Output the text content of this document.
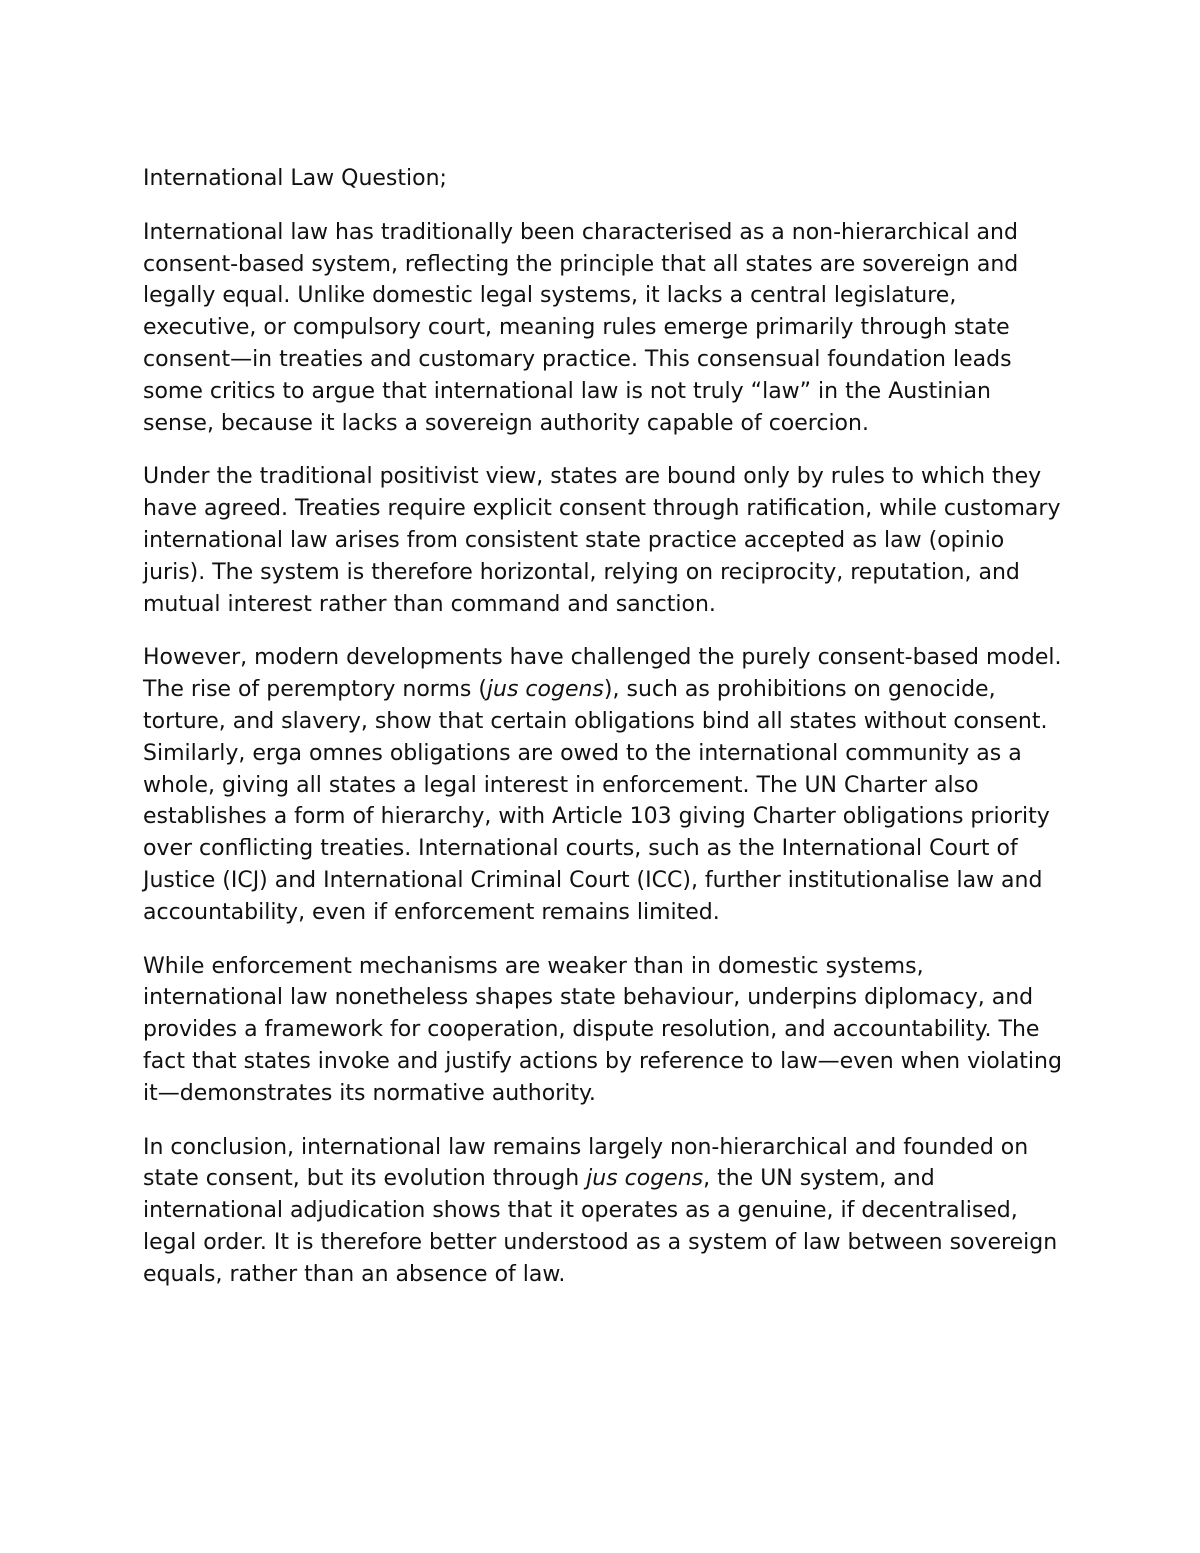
International Law Question;

International law has traditionally been characterised as a non-hierarchical and consent-based system, reflecting the principle that all states are sovereign and legally equal. Unlike domestic legal systems, it lacks a central legislature, executive, or compulsory court, meaning rules emerge primarily through state consent—in treaties and customary practice. This consensual foundation leads some critics to argue that international law is not truly “law” in the Austinian sense, because it lacks a sovereign authority capable of coercion.

Under the traditional positivist view, states are bound only by rules to which they have agreed. Treaties require explicit consent through ratification, while customary international law arises from consistent state practice accepted as law (opinio juris). The system is therefore horizontal, relying on reciprocity, reputation, and mutual interest rather than command and sanction.

However, modern developments have challenged the purely consent-based model. The rise of peremptory norms (jus cogens), such as prohibitions on genocide, torture, and slavery, show that certain obligations bind all states without consent. Similarly, erga omnes obligations are owed to the international community as a whole, giving all states a legal interest in enforcement. The UN Charter also establishes a form of hierarchy, with Article 103 giving Charter obligations priority over conflicting treaties. International courts, such as the International Court of Justice (ICJ) and International Criminal Court (ICC), further institutionalise law and accountability, even if enforcement remains limited.

While enforcement mechanisms are weaker than in domestic systems, international law nonetheless shapes state behaviour, underpins diplomacy, and provides a framework for cooperation, dispute resolution, and accountability. The fact that states invoke and justify actions by reference to law—even when violating it—demonstrates its normative authority.

In conclusion, international law remains largely non-hierarchical and founded on state consent, but its evolution through jus cogens, the UN system, and international adjudication shows that it operates as a genuine, if decentralised, legal order. It is therefore better understood as a system of law between sovereign equals, rather than an absence of law.
